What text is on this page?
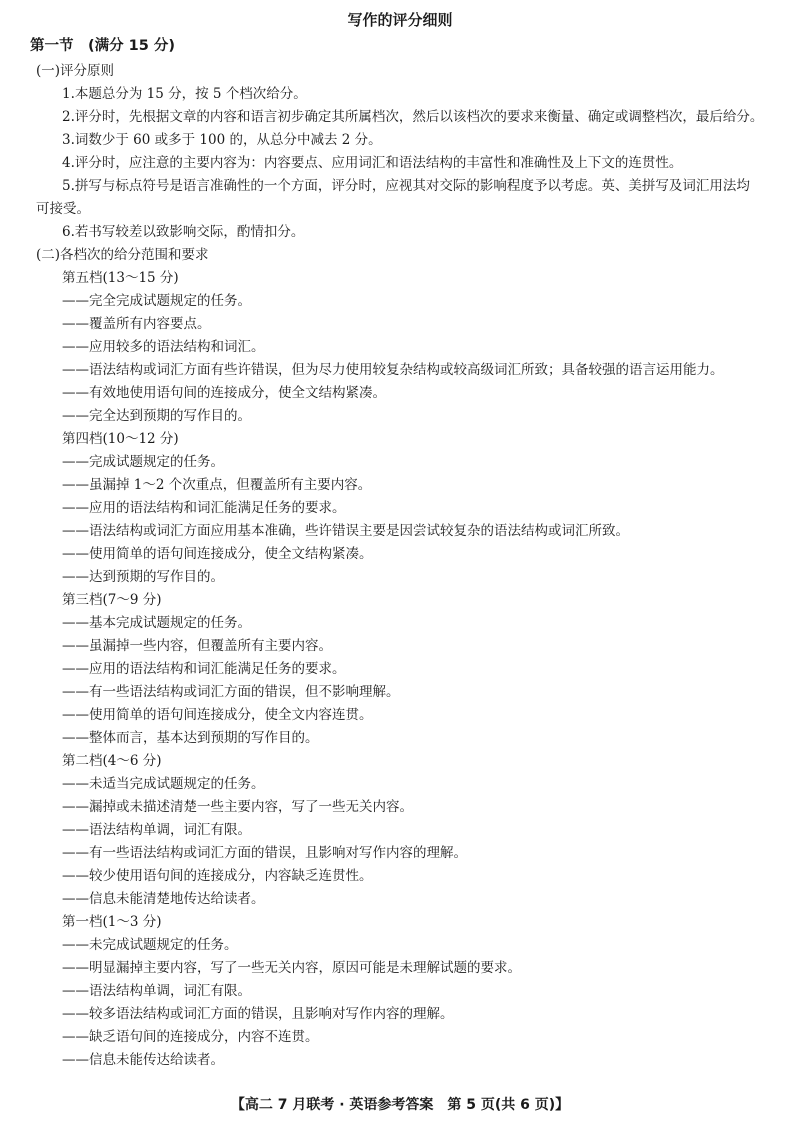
写作的评分细则
第一节　(满分 15 分)
(一)评分原则
1.本题总分为 15 分，按 5 个档次给分。
2.评分时，先根据文章的内容和语言初步确定其所属档次，然后以该档次的要求来衡量、确定或调整档次，最后给分。
3.词数少于 60 或多于 100 的，从总分中减去 2 分。
4.评分时，应注意的主要内容为：内容要点、应用词汇和语法结构的丰富性和准确性及上下文的连贯性。
5.拼写与标点符号是语言准确性的一个方面，评分时，应视其对交际的影响程度予以考虑。英、美拼写及词汇用法均
可接受。
6.若书写较差以致影响交际，酌情扣分。
(二)各档次的给分范围和要求
第五档(13～15 分)
——完全完成试题规定的任务。
——覆盖所有内容要点。
——应用较多的语法结构和词汇。
——语法结构或词汇方面有些许错误，但为尽力使用较复杂结构或较高级词汇所致；具备较强的语言运用能力。
——有效地使用语句间的连接成分，使全文结构紧凑。
——完全达到预期的写作目的。
第四档(10～12 分)
——完成试题规定的任务。
——虽漏掉 1～2 个次重点，但覆盖所有主要内容。
——应用的语法结构和词汇能满足任务的要求。
——语法结构或词汇方面应用基本准确，些许错误主要是因尝试较复杂的语法结构或词汇所致。
——使用简单的语句间连接成分，使全文结构紧凑。
——达到预期的写作目的。
第三档(7～9 分)
——基本完成试题规定的任务。
——虽漏掉一些内容，但覆盖所有主要内容。
——应用的语法结构和词汇能满足任务的要求。
——有一些语法结构或词汇方面的错误，但不影响理解。
——使用简单的语句间连接成分，使全文内容连贯。
——整体而言，基本达到预期的写作目的。
第二档(4～6 分)
——未适当完成试题规定的任务。
——漏掉或未描述清楚一些主要内容，写了一些无关内容。
——语法结构单调，词汇有限。
——有一些语法结构或词汇方面的错误，且影响对写作内容的理解。
——较少使用语句间的连接成分，内容缺乏连贯性。
——信息未能清楚地传达给读者。
第一档(1～3 分)
——未完成试题规定的任务。
——明显漏掉主要内容，写了一些无关内容，原因可能是未理解试题的要求。
——语法结构单调，词汇有限。
——较多语法结构或词汇方面的错误，且影响对写作内容的理解。
——缺乏语句间的连接成分，内容不连贯。
——信息未能传达给读者。
【高二 7 月联考 · 英语参考答案　第 5 页(共 6 页)】
